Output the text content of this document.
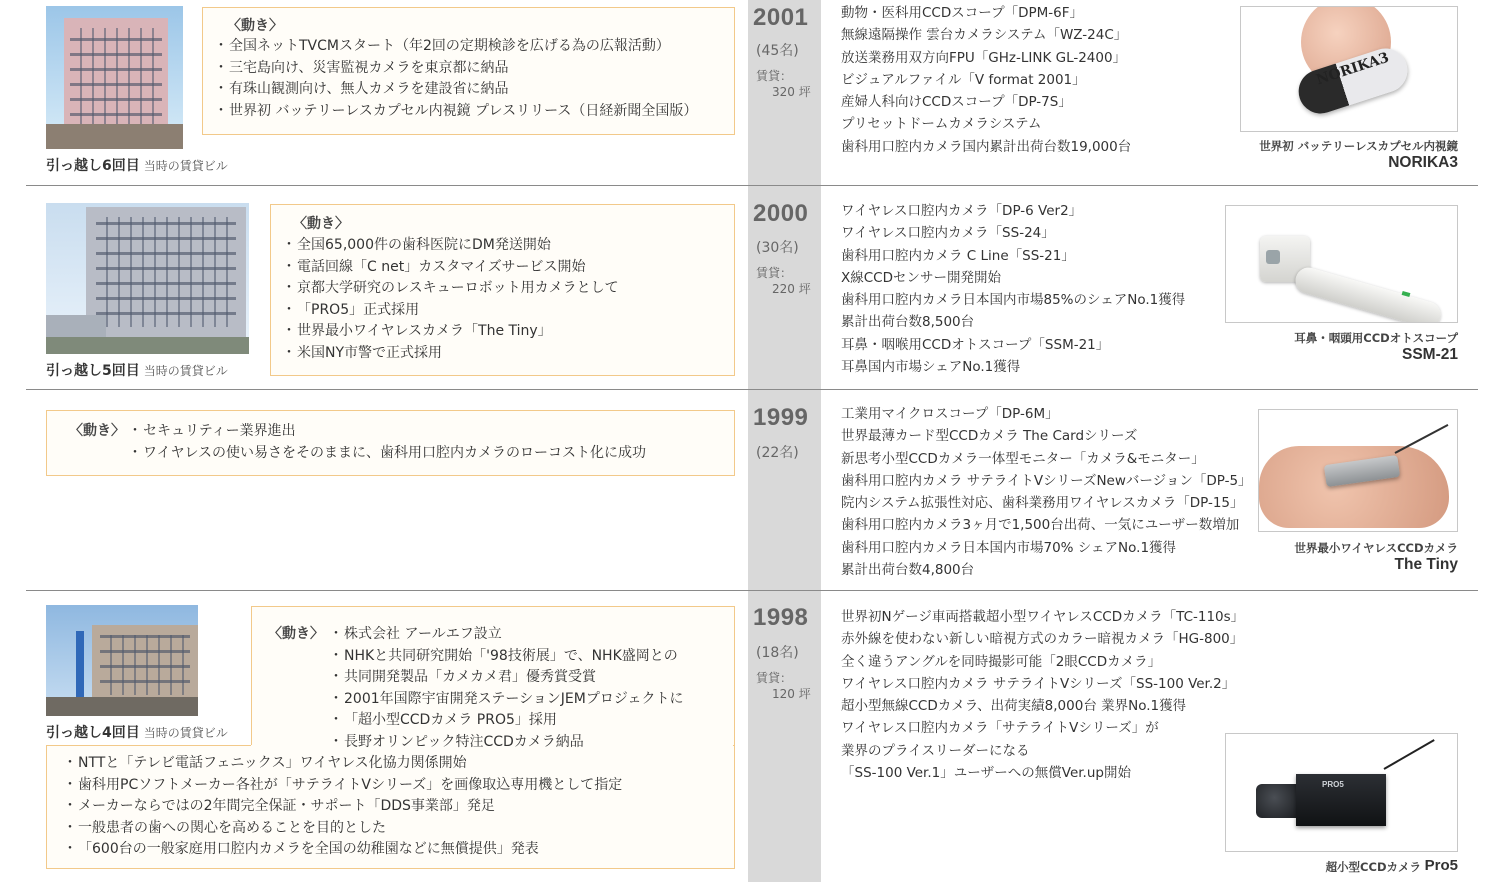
引っ越し6回目 当時の賃貸ビル
〈動き〉
・ 全国ネットTVCMスタート（年2回の定期検診を広げる為の広報活動）
・ 三宅島向け、災害監視カメラを東京都に納品
・ 有珠山観測向け、無人カメラを建設省に納品
・ 世界初 バッテリーレスカプセル内視鏡 プレスリリース（日経新聞全国版）
2001
(45名)
賃貸：
320 坪
動物・医科用CCDスコープ「DPM-6F」
無線遠隔操作 雲台カメラシステム「WZ-24C」
放送業務用双方向FPU「GHz-LINK GL-2400」
ビジュアルファイル「V format 2001」
産婦人科向けCCDスコープ「DP-7S」
プリセットドームカメラシステム
歯科用口腔内カメラ国内累計出荷台数19,000台
NORIKA3
世界初 バッテリーレスカプセル内視鏡
NORIKA3
引っ越し5回目 当時の賃貸ビル
〈動き〉
・ 全国65,000件の歯科医院にDM発送開始
・ 電話回線「C net」カスタマイズサービス開始
・ 京都大学研究のレスキューロボット用カメラとして
・ 「PRO5」正式採用
・ 世界最小ワイヤレスカメラ「The Tiny」
・ 米国NY市警で正式採用
2000
(30名)
賃貸：
220 坪
ワイヤレス口腔内カメラ「DP-6 Ver2」
ワイヤレス口腔内カメラ「SS-24」
歯科用口腔内カメラ C Line「SS-21」
X線CCDセンサー開発開始
歯科用口腔内カメラ日本国内市場85%のシェアNo.1獲得
累計出荷台数8,500台
耳鼻・咽喉用CCDオトスコープ「SSM-21」
耳鼻国内市場シェアNo.1獲得
耳鼻・咽頭用CCDオトスコープ
SSM-21
〈動き〉	・ セキュリティー業界進出
・ ワイヤレスの使い易さをそのままに、歯科用口腔内カメラのローコスト化に成功
1999
(22名)
工業用マイクロスコープ「DP-6M」
世界最薄カード型CCDカメラ The Cardシリーズ
新思考小型CCDカメラ一体型モニター「カメラ&モニター」
歯科用口腔内カメラ サテライトVシリーズNewバージョン「DP-5」
院内システム拡張性対応、歯科業務用ワイヤレスカメラ「DP-15」
歯科用口腔内カメラ3ヶ月で1,500台出荷、一気にユーザー数増加
歯科用口腔内カメラ日本国内市場70% シェアNo.1獲得
累計出荷台数4,800台
世界最小ワイヤレスCCDカメラ
The Tiny
引っ越し4回目 当時の賃貸ビル
〈動き〉	・ 株式会社 アールエフ設立
・ NHKと共同研究開始「'98技術展」で、NHK盛岡との
・ 共同開発製品「カメカメ君」優秀賞受賞
・ 2001年国際宇宙開発ステーションJEMプロジェクトに
・ 「超小型CCDカメラ PRO5」採用
・ 長野オリンピック特注CCDカメラ納品
・ NTTと「テレビ電話フェニックス」ワイヤレス化協力関係開始
・ 歯科用PCソフトメーカー各社が「サテライトVシリーズ」を画像取込専用機として指定
・ メーカーならではの2年間完全保証・サポート「DDS事業部」発足
・ 一般患者の歯への関心を高めることを目的とした
・ 「600台の一般家庭用口腔内カメラを全国の幼稚園などに無償提供」発表
1998
(18名)
賃貸：
120 坪
世界初Nゲージ車両搭載超小型ワイヤレスCCDカメラ「TC-110s」
赤外線を使わない新しい暗視方式のカラー暗視カメラ「HG-800」
全く違うアングルを同時撮影可能「2眼CCDカメラ」
ワイヤレス口腔内カメラ サテライトVシリーズ「SS-100 Ver.2」
超小型無線CCDカメラ、出荷実績8,000台 業界No.1獲得
ワイヤレス口腔内カメラ「サテライトVシリーズ」が
業界のプライスリーダーになる
「SS-100 Ver.1」ユーザーへの無償Ver.up開始
PRO5
超小型CCDカメラ Pro5
